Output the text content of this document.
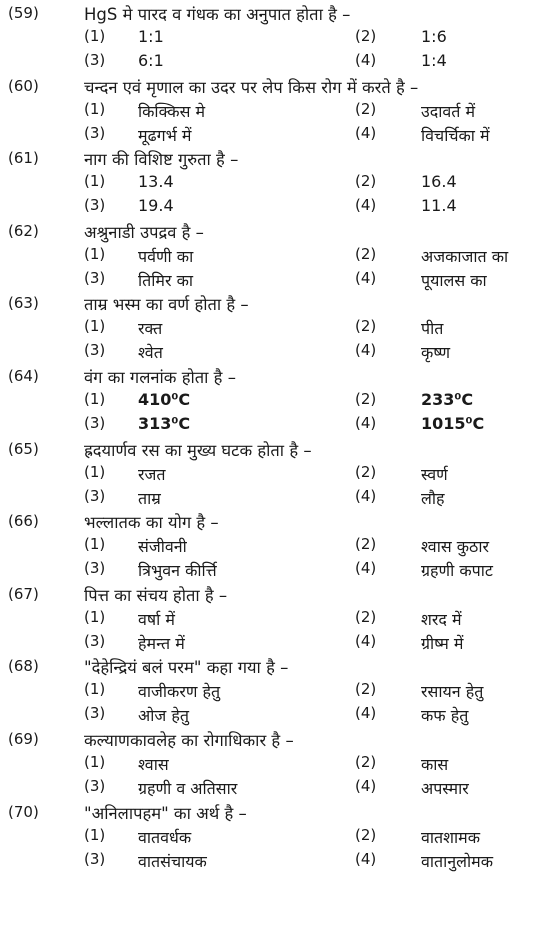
(59)	HgS मे पारद व गंधक का अनुपात होता है –
(1) 1:1	(2)	1:6
(3) 6:1	(4)	1:4
(60)	चन्दन एवं मृणाल का उदर पर लेप किस रोग में करते है –
(1) किक्किस मे	(2)	उदावर्त में
(3) मूढगर्भ में	(4)	विचर्चिका में
(61)	नाग की विशिष्ट गुरुता है –
(1) 13.4	(2)	16.4
(3) 19.4	(4)	11.4
(62)	अश्रुनाडी उपद्रव है –
(1) पर्वणी का	(2)	अजकाजात का
(3) तिमिर का	(4)	पूयालस का
(63)	ताम्र भस्म का वर्ण होता है –
(1) रक्त	(2)	पीत
(3) श्वेत	(4)	कृष्ण
(64)	वंग का गलनांक होता है –
(1) 410⁰C	(2)	233⁰C
(3) 313⁰C	(4)	1015⁰C
(65)	ह्रदयार्णव रस का मुख्य घटक होता है –
(1) रजत	(2)	स्वर्ण
(3) ताम्र	(4)	लौह
(66)	भल्लातक का योग है –
(1) संजीवनी	(2)	श्वास कुठार
(3) त्रिभुवन कीर्त्ति	(4)	ग्रहणी कपाट
(67)	पित्त का संचय होता है –
(1) वर्षा में	(2)	शरद में
(3) हेमन्त में	(4)	ग्रीष्म में
(68)	"देहेन्द्रियं बलं परम" कहा गया है –
(1) वाजीकरण हेतु	(2)	रसायन हेतु
(3) ओज हेतु	(4)	कफ हेतु
(69)	कल्याणकावलेह का रोगाधिकार है –
(1) श्वास	(2)	कास
(3) ग्रहणी व अतिसार	(4)	अपस्मार
(70)	"अनिलापहम" का अर्थ है –
(1) वातवर्धक	(2)	वातशामक
(3) वातसंचायक	(4)	वातानुलोमक
